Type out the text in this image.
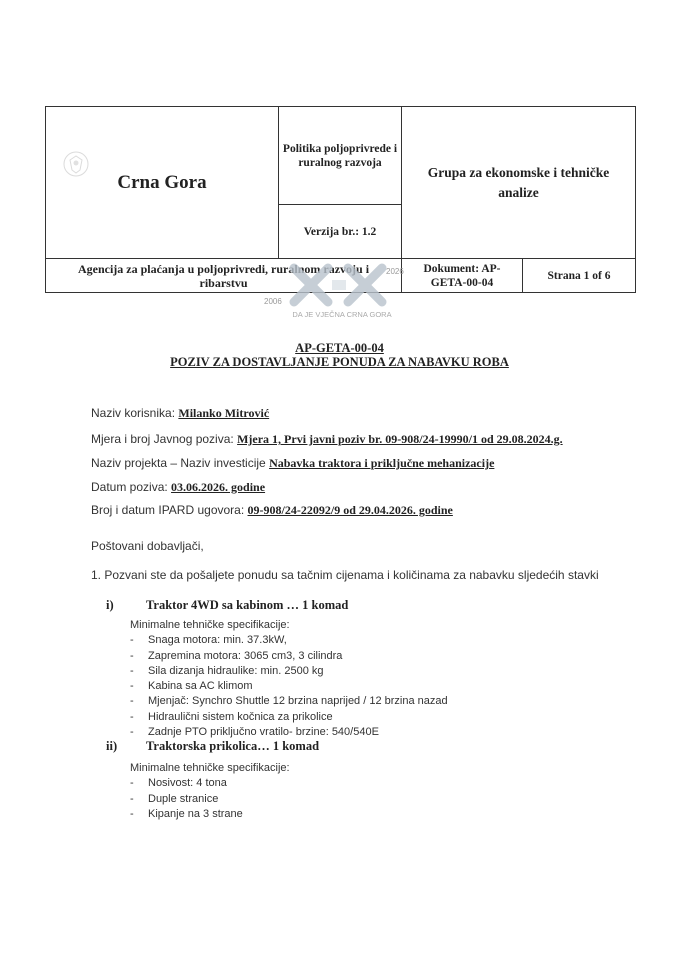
Crna Gora	Politika poljoprivrede i ruralnog razvoja	Grupa za ekonomske i tehničke analize	

	Verzija br.: 1.2		

Agencija za plaćanja u poljoprivredi, ruralnom razvoju i ribarstvu		Dokument: AP-GETA-00-04	Strana 1 of 6
2006
2026
DA JE VJEČNA CRNA GORA
AP-GETA-00-04
POZIV ZA DOSTAVLJANJE PONUDA ZA NABAVKU ROBA
Naziv korisnika: Milanko Mitrović
Mjera i broj Javnog poziva: Mjera 1, Prvi javni poziv br. 09-908/24-19990/1 od 29.08.2024.g.
Naziv projekta – Naziv investicije Nabavka traktora i priključne mehanizacije
Datum poziva: 03.06.2026. godine
Broj i datum IPARD ugovora: 09-908/24-22092/9 od 29.04.2026. godine
Poštovani dobavljači,
1. Pozvani ste da pošaljete ponudu sa tačnim cijenama i količinama za nabavku sljedećih stavki
i)	Traktor 4WD sa kabinom … 1 komad
Minimalne tehničke specifikacije:
- Snaga motora: min. 37.3kW,
- Zapremina motora: 3065 cm3, 3 cilindra
- Sila dizanja hidraulike: min. 2500 kg
- Kabina sa AC klimom
- Mjenjač: Synchro Shuttle 12 brzina naprijed / 12 brzina nazad
- Hidraulični sistem kočnica za prikolice
- Zadnje PTO priključno vratilo- brzine: 540/540E
ii) Traktorska prikolica… 1 komad
Minimalne tehničke specifikacije:
- Nosivost: 4 tona
- Duple stranice
- Kipanje na 3 strane
